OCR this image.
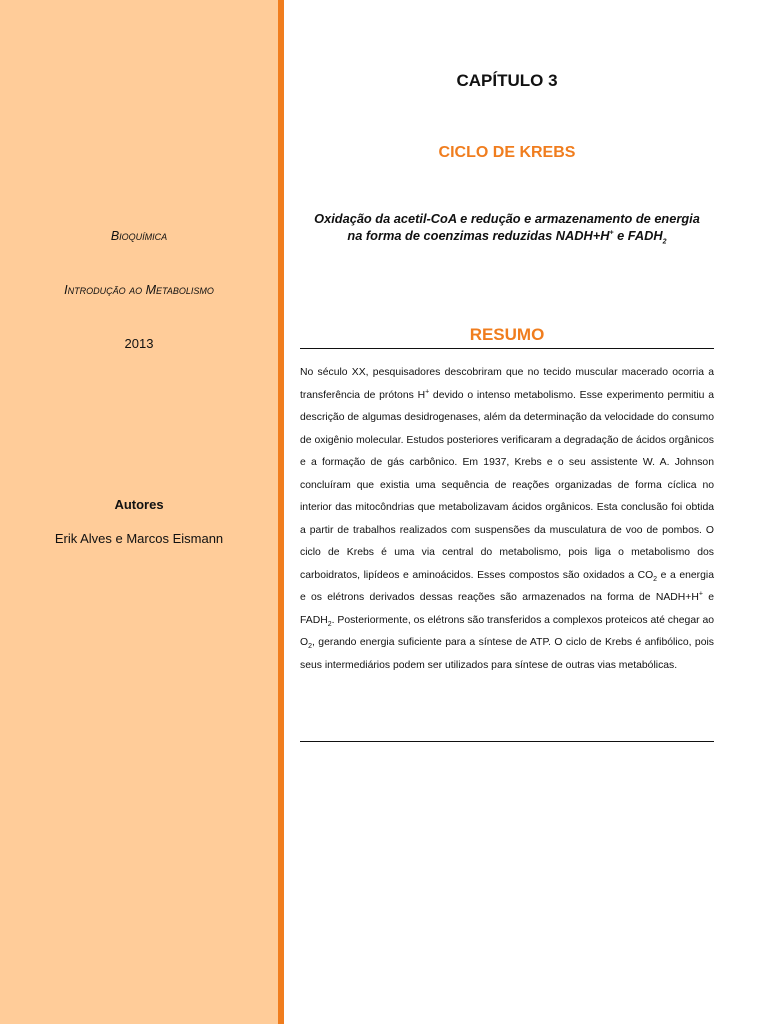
Bioquímica
Introdução ao Metabolismo
2013
Autores
Erik Alves e Marcos Eismann
CAPÍTULO 3
CICLO DE KREBS
Oxidação da acetil-CoA e redução e armazenamento de energia
na forma de coenzimas reduzidas NADH+H+ e $FADH_2$
RESUMO
No século XX, pesquisadores descobriram que no tecido muscular macerado ocorria a transferência de prótons H+ devido o intenso metabolismo. Esse experimento permitiu a descrição de algumas desidrogenases, além da determinação da velocidade do consumo de oxigênio molecular. Estudos posteriores verificaram a degradação de ácidos orgânicos e a formação de gás carbônico. Em 1937, Krebs e o seu assistente W. A. Johnson concluíram que existia uma sequência de reações organizadas de forma cíclica no interior das mitocôndrias que metabolizavam ácidos orgânicos. Esta conclusão foi obtida a partir de trabalhos realizados com suspensões da musculatura de voo de pombos. O ciclo de Krebs é uma via central do metabolismo, pois liga o metabolismo dos carboidratos, lipídeos e aminoácidos. Esses compostos são oxidados a $CO_2$ e a energia e os elétrons derivados dessas reações são armazenados na forma de NADH+H+ e $FADH_2$. Posteriormente, os elétrons são transferidos a complexos proteicos até chegar ao $O_2$, gerando energia suficiente para a síntese de ATP. O ciclo de Krebs é anfibólico, pois seus intermediários podem ser utilizados para síntese de outras vias metabólicas.
